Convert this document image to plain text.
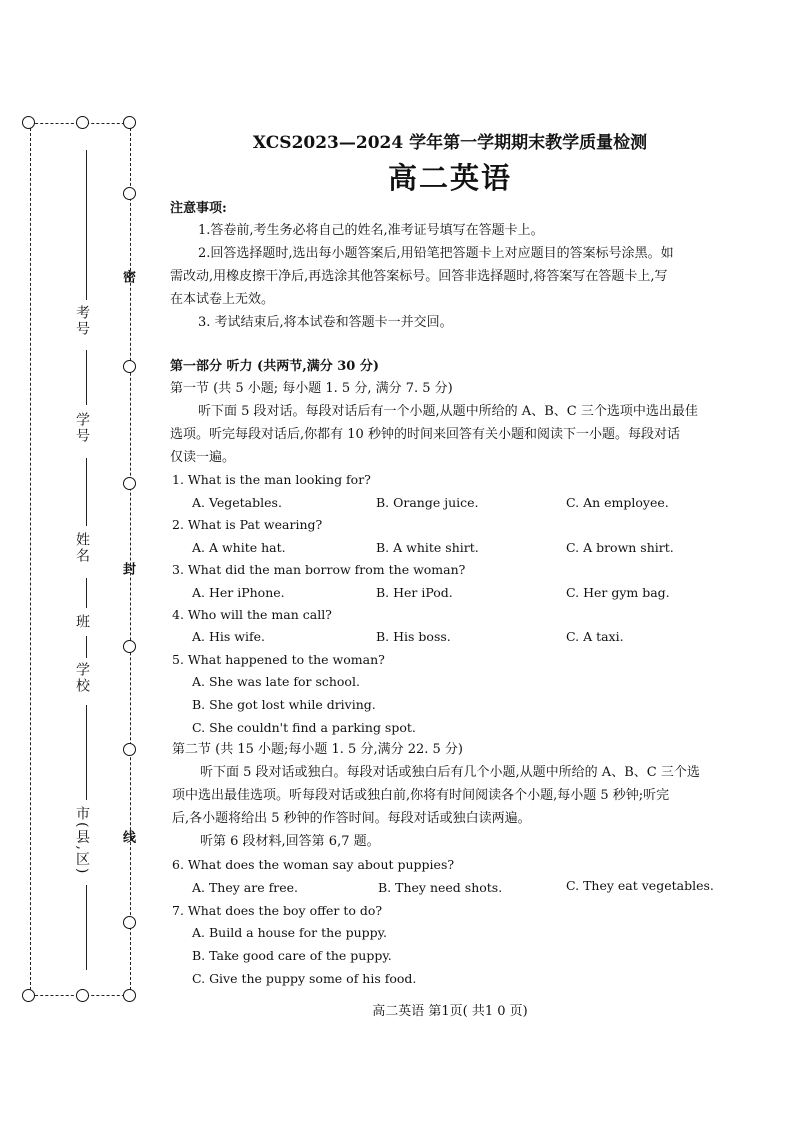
考号
学号
姓名
班
学校
市(县,区)
密
封
线
XCS2023—2024 学年第一学期期末教学质量检测
高二英语
注意事项:
1.答卷前,考生务必将自己的姓名,准考证号填写在答题卡上。
2.回答选择题时,选出每小题答案后,用铅笔把答题卡上对应题目的答案标号涂黑。如
需改动,用橡皮擦干净后,再选涂其他答案标号。回答非选择题时,将答案写在答题卡上,写
在本试卷上无效。
3. 考试结束后,将本试卷和答题卡一并交回。
第一部分 听力 (共两节,满分 30 分)
第一节 (共 5 小题; 每小题 1. 5 分, 满分 7. 5 分)
听下面 5 段对话。每段对话后有一个小题,从题中所给的 A、B、C 三个选项中选出最佳
选项。听完每段对话后,你都有 10 秒钟的时间来回答有关小题和阅读下一小题。每段对话
仅读一遍。
1. What is the man looking for?
A. Vegetables.	B. Orange juice.	C. An employee.
2. What is Pat wearing?
A. A white hat.	B. A white shirt.	C. A brown shirt.
3. What did the man borrow from the woman?
A. Her iPhone.	B. Her iPod.	C. Her gym bag.
4. Who will the man call?
A. His wife.	B. His boss.	C. A taxi.
5. What happened to the woman?
A. She was late for school.
B. She got lost while driving.
C. She couldn't find a parking spot.
第二节 (共 15 小题;每小题 1. 5 分,满分 22. 5 分)
听下面 5 段对话或独白。每段对话或独白后有几个小题,从题中所给的 A、B、C 三个选
项中选出最佳选项。听每段对话或独白前,你将有时间阅读各个小题,每小题 5 秒钟;听完
后,各小题将给出 5 秒钟的作答时间。每段对话或独白读两遍。
听第 6 段材料,回答第 6,7 题。
6. What does the woman say about puppies?
A. They are free.	B. They need shots.	C. They eat vegetables.
7. What does the boy offer to do?
A. Build a house for the puppy.
B. Take good care of the puppy.
C. Give the puppy some of his food.
高二英语 第1页( 共1 0 页)
